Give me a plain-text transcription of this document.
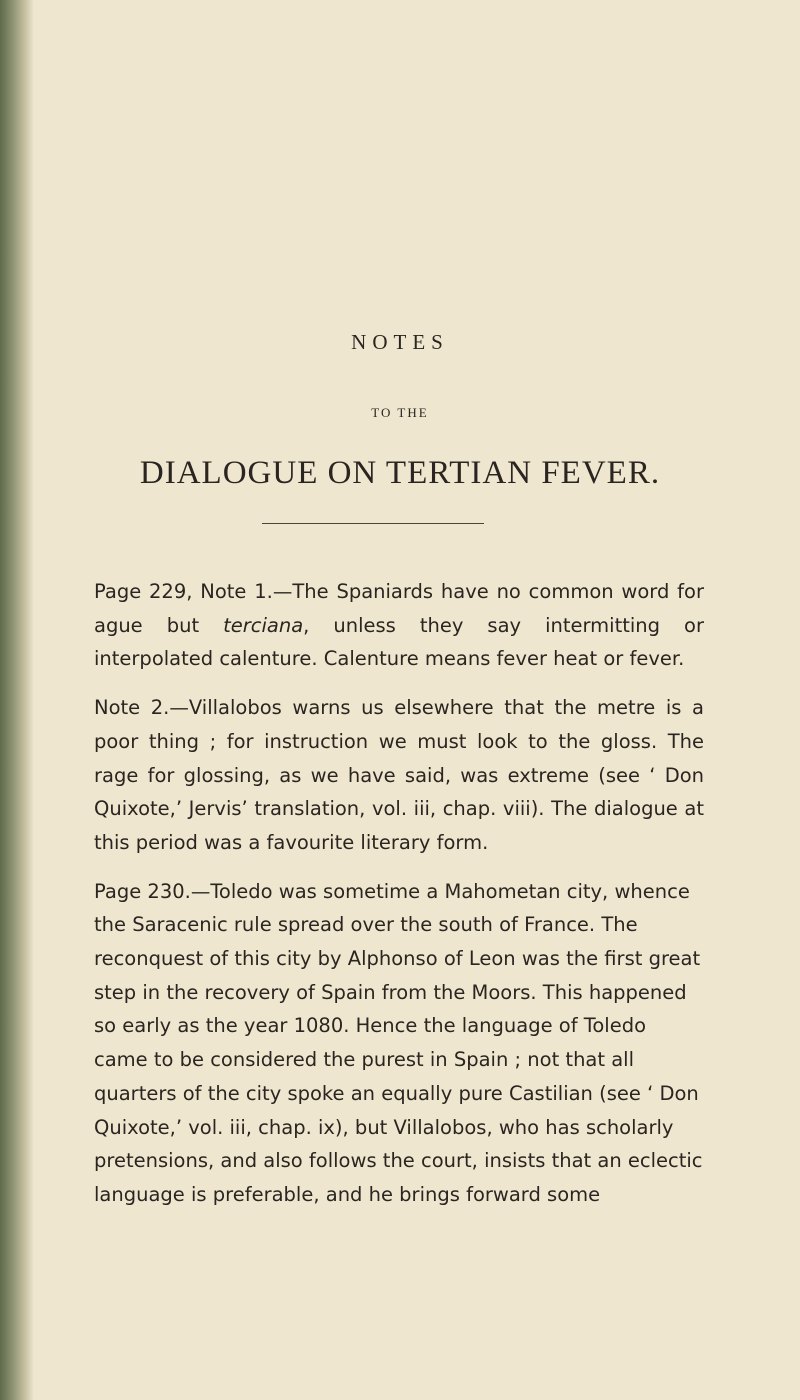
NOTES
TO THE
DIALOGUE ON TERTIAN FEVER.

Page 229, Note 1.—The Spaniards have no common word for ague but terciana, unless they say intermitting or interpolated calenture. Calenture means fever heat or fever.

Note 2.—Villalobos warns us elsewhere that the metre is a poor thing ; for instruction we must look to the gloss. The rage for glossing, as we have said, was extreme (see ‘ Don Quixote,’ Jervis’ translation, vol. iii, chap. viii). The dialogue at this period was a favourite literary form.

Page 230.—Toledo was sometime a Mahometan city, whence the Saracenic rule spread over the south of France. The reconquest of this city by Alphonso of Leon was the first great step in the recovery of Spain from the Moors. This happened so early as the year 1080. Hence the language of Toledo came to be considered the purest in Spain ; not that all quarters of the city spoke an equally pure Castilian (see ‘ Don Quixote,’ vol. iii, chap. ix), but Villalobos, who has scholarly pretensions, and also follows the court, insists that an eclectic language is preferable, and he brings forward some
